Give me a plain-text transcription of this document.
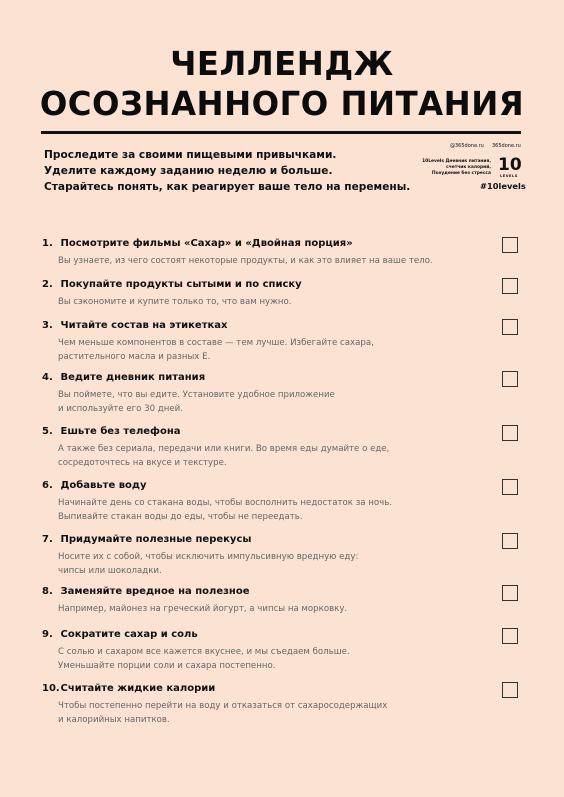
ЧЕЛЛЕНДЖ
ОСОЗНАННОГО ПИТАНИЯ
Проследите за своими пищевыми привычками.
Уделите каждому заданию неделю и больше.
Старайтесь понять, как реагирует ваше тело на перемены.
@365done.ru 365done.ru
10Levels Дневник питания,
счетчик калорий,
Похудение без стресса 10
LEVELS
#10levels
1. Посмотрите фильмы «Сахар» и «Двойная порция»
Вы узнаете, из чего состоят некоторые продукты, и как это влияет на ваше тело.
2. Покупайте продукты сытыми и по списку
Вы сэкономите и купите только то, что вам нужно.
3. Читайте состав на этикетках
Чем меньше компонентов в составе — тем лучше. Избегайте сахара,
растительного масла и разных Е.
4. Ведите дневник питания
Вы поймете, что вы едите. Установите удобное приложение
и используйте его 30 дней.
5. Ешьте без телефона
А также без сериала, передачи или книги. Во время еды думайте о еде,
сосредоточтесь на вкусе и текстуре.
6. Добавьте воду
Начинайте день со стакана воды, чтобы восполнить недостаток за ночь.
Выпивайте стакан воды до еды, чтобы не переедать.
7. Придумайте полезные перекусы
Носите их с собой, чтобы исключить импульсивную вредную еду:
чипсы или шоколадки.
8. Заменяйте вредное на полезное
Например, майонез на греческий йогурт, а чипсы на морковку.
9. Сократите сахар и соль
С солью и сахаром все кажется вкуснее, и мы съедаем больше.
Уменьшайте порции соли и сахара постепенно.
10. Считайте жидкие калории
Чтобы постепенно перейти на воду и отказаться от сахаросодержащих
и калорийных напитков.
